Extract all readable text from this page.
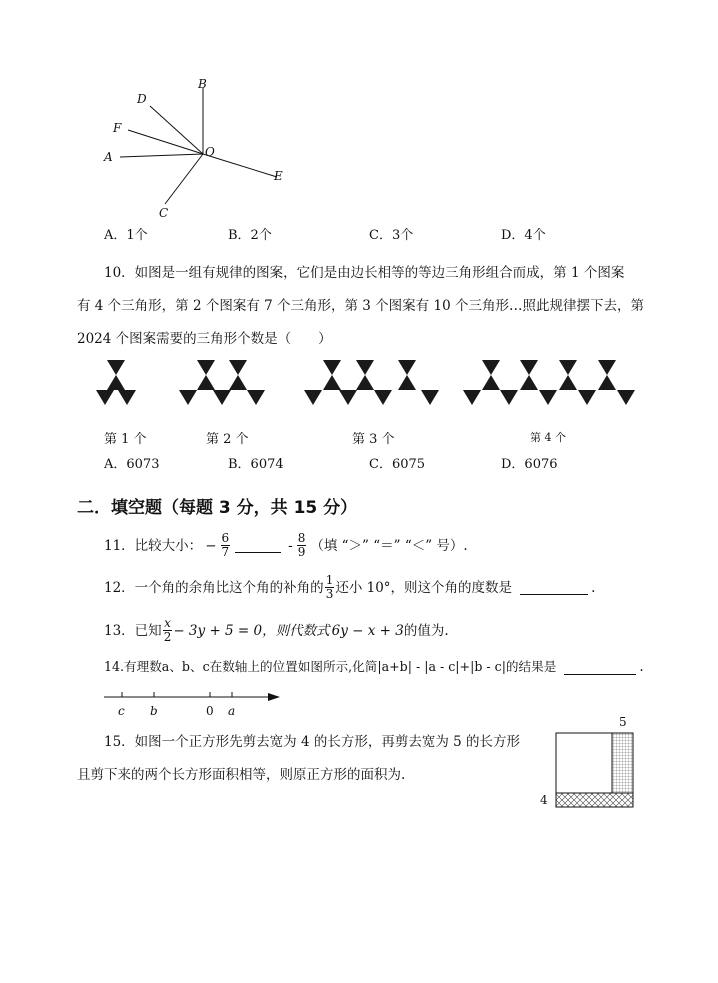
B
D
F
A	O
E
C
A．1个	B．2个	C．3个	D．4个
10．如图是一组有规律的图案，它们是由边长相等的等边三角形组合而成，第 1 个图案
有 4 个三角形，第 2 个图案有 7 个三角形，第 3 个图案有 10 个三角形…照此规律摆下去，第
2024 个图案需要的三角形个数是（　　）
第 1 个	第 2 个	第 3 个	第 4 个
A．6073	B．6074	C．6075	D．6076
二．填空题（每题 3 分，共 15 分）
11．比较大小： − $\frac{6}{7}$	- $\frac{8}{9}$ （填 “＞” “＝” “＜” 号）.
12．一个角的余角比这个角的补角的 $\frac{1}{3}$ 还小 10°，则这个角的度数是	.
13．已知 $\frac{x}{2} - 3y + 5 = 0$，则代数式 6y − x + 3 的值为.
14.有理数a、b、c在数轴上的位置如图所示,化简|a+b| - |a - c|+|b - c|的结果是	.
c b	0 a
15．如图一个正方形先剪去宽为 4 的长方形，再剪去宽为 5 的长方形
且剪下来的两个长方形面积相等，则原正方形的面积为.
5
4
